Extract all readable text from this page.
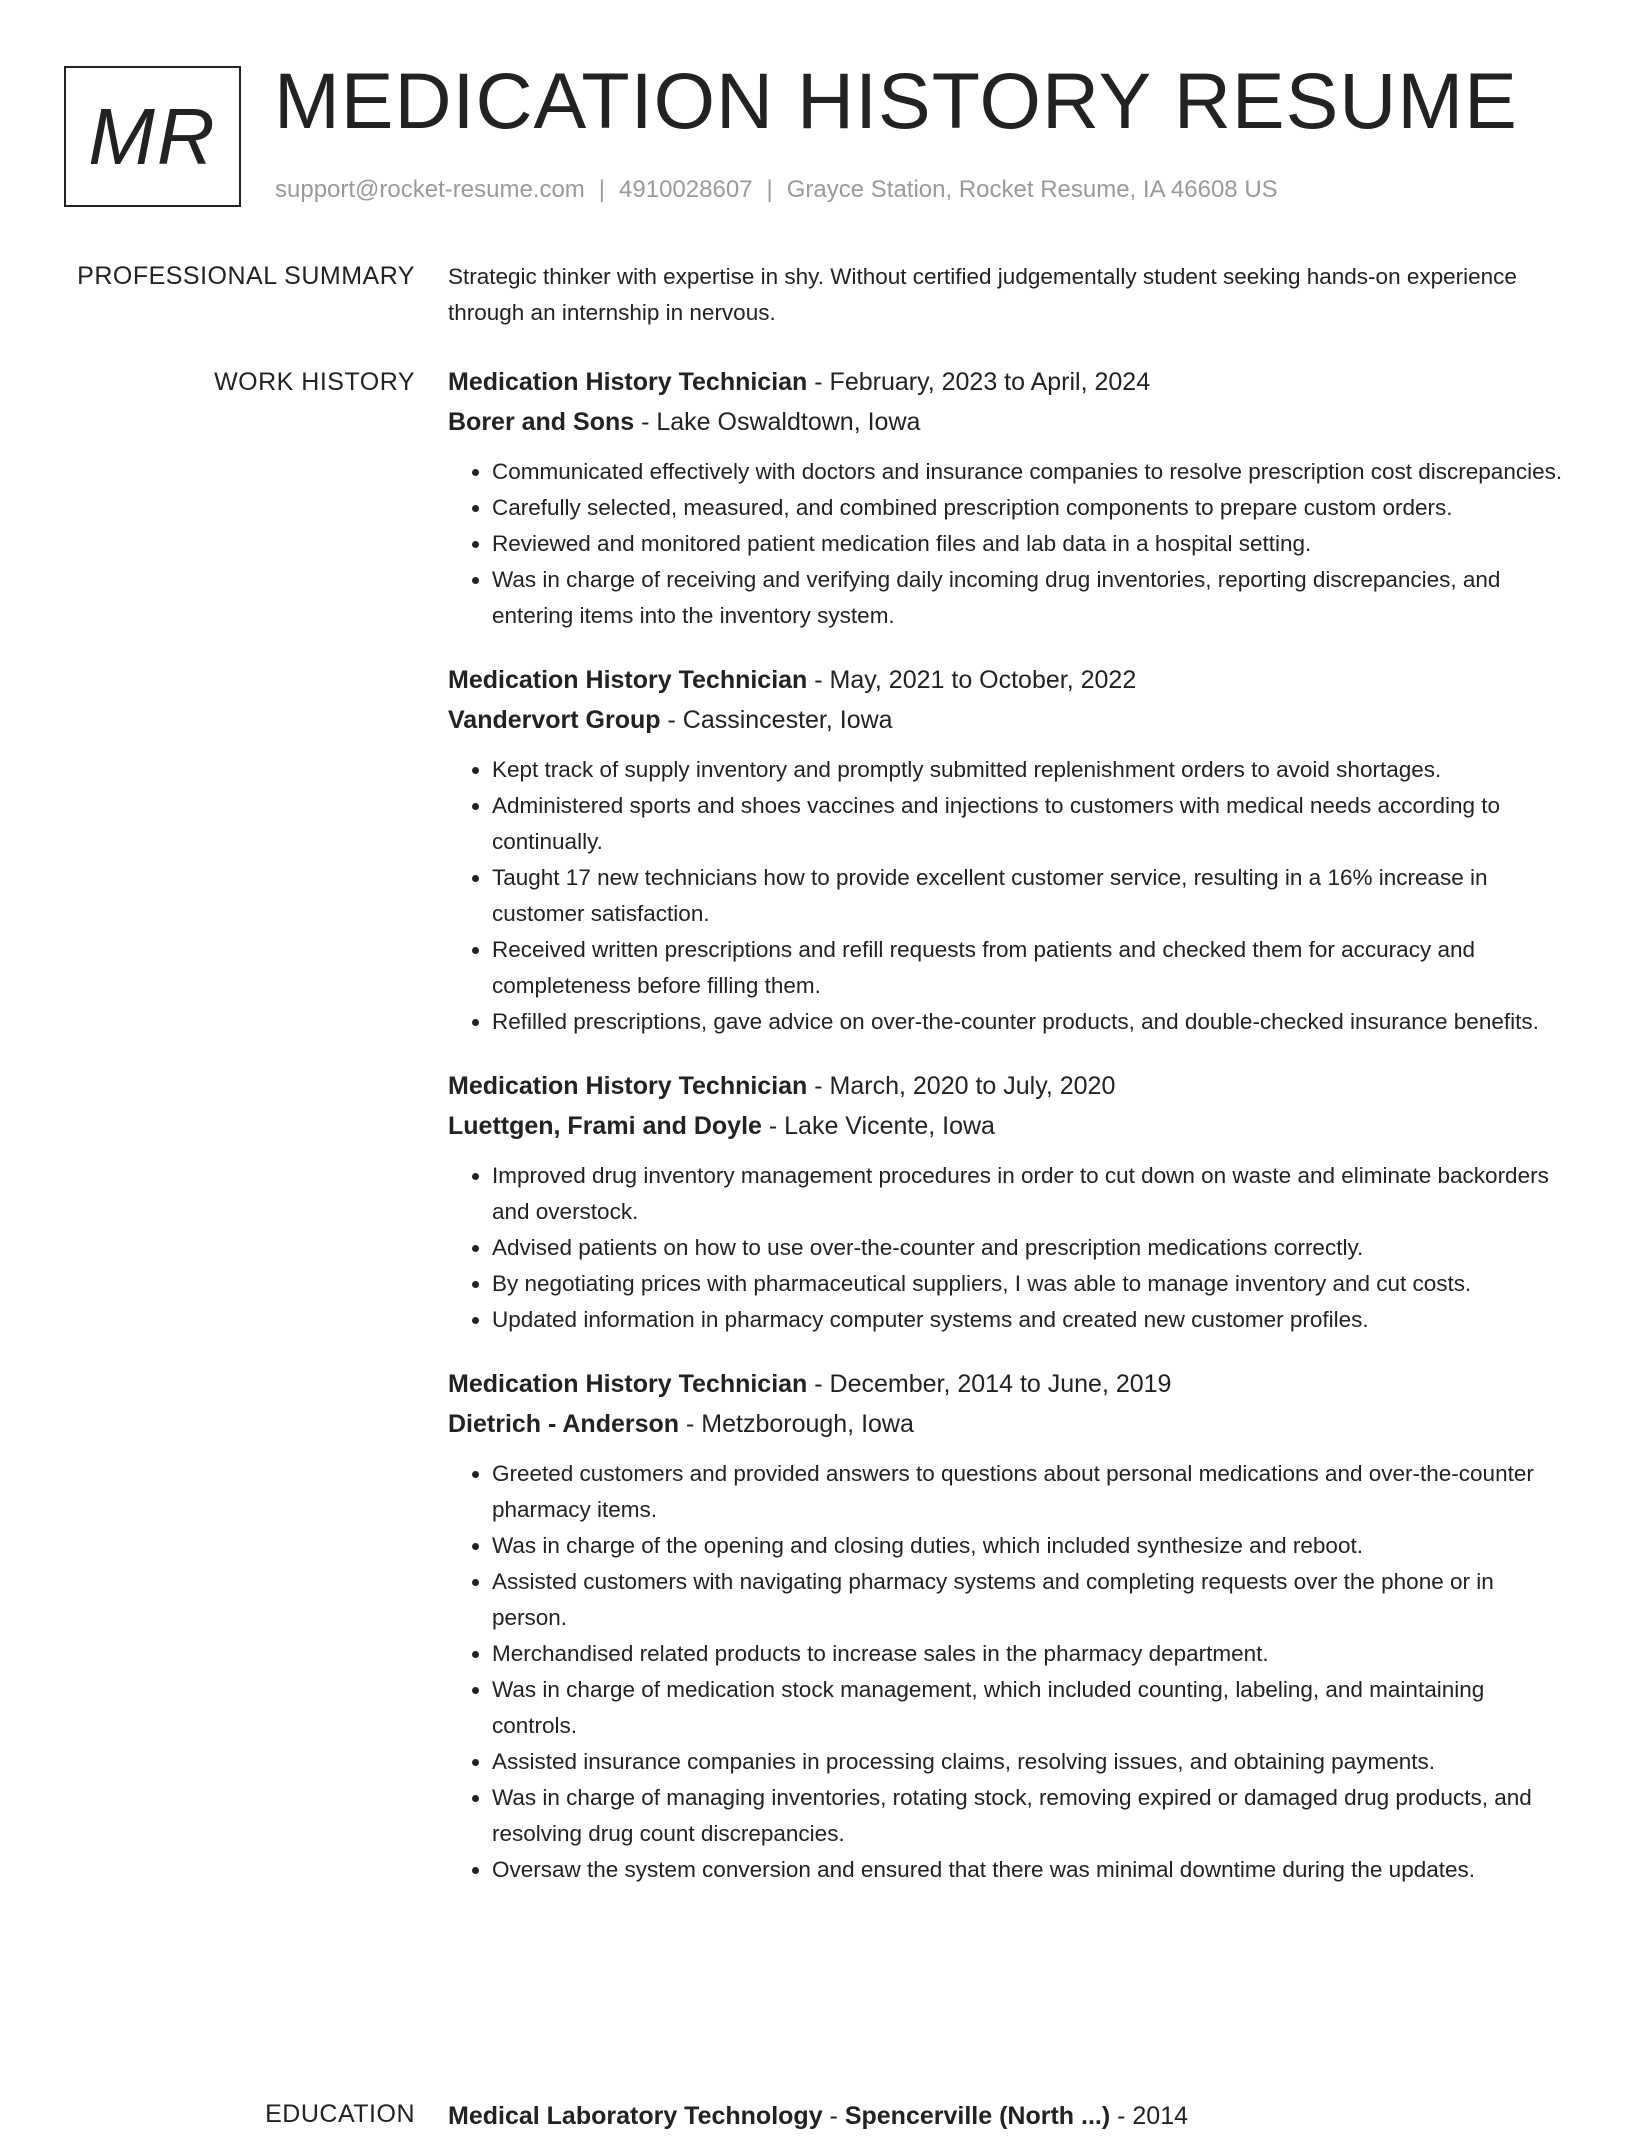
MR MEDICATION HISTORY RESUME
support@rocket-resume.com | 4910028607 | Grayce Station, Rocket Resume, IA 46608 US
PROFESSIONAL SUMMARY Strategic thinker with expertise in shy. Without certified judgementally student seeking hands-on experience through an internship in nervous.

WORK HISTORY Medication History Technician - February, 2023 to April, 2024

Borer and Sons - Lake Oswaldtown, Iowa

• Communicated effectively with doctors and insurance companies to resolve prescription cost discrepancies.
• Carefully selected, measured, and combined prescription components to prepare custom orders.
• Reviewed and monitored patient medication files and lab data in a hospital setting.
• Was in charge of receiving and verifying daily incoming drug inventories, reporting discrepancies, and entering items into the inventory system.

Medication History Technician - May, 2021 to October, 2022

Vandervort Group - Cassincester, Iowa

• Kept track of supply inventory and promptly submitted replenishment orders to avoid shortages.
• Administered sports and shoes vaccines and injections to customers with medical needs according to continually.
• Taught 17 new technicians how to provide excellent customer service, resulting in a 16% increase in customer satisfaction.
• Received written prescriptions and refill requests from patients and checked them for accuracy and completeness before filling them.
• Refilled prescriptions, gave advice on over-the-counter products, and double-checked insurance benefits.

Medication History Technician - March, 2020 to July, 2020

Luettgen, Frami and Doyle - Lake Vicente, Iowa

• Improved drug inventory management procedures in order to cut down on waste and eliminate backorders and overstock.
• Advised patients on how to use over-the-counter and prescription medications correctly.
• By negotiating prices with pharmaceutical suppliers, I was able to manage inventory and cut costs.
• Updated information in pharmacy computer systems and created new customer profiles.

Medication History Technician - December, 2014 to June, 2019

Dietrich - Anderson - Metzborough, Iowa

• Greeted customers and provided answers to questions about personal medications and over-the-counter pharmacy items.
• Was in charge of the opening and closing duties, which included synthesize and reboot.
• Assisted customers with navigating pharmacy systems and completing requests over the phone or in person.
• Merchandised related products to increase sales in the pharmacy department.
• Was in charge of medication stock management, which included counting, labeling, and maintaining controls.
• Assisted insurance companies in processing claims, resolving issues, and obtaining payments.
• Was in charge of managing inventories, rotating stock, removing expired or damaged drug products, and resolving drug count discrepancies.
• Oversaw the system conversion and ensured that there was minimal downtime during the updates.
EDUCATION Medical Laboratory Technology - Spencerville (North ...) - 2014
